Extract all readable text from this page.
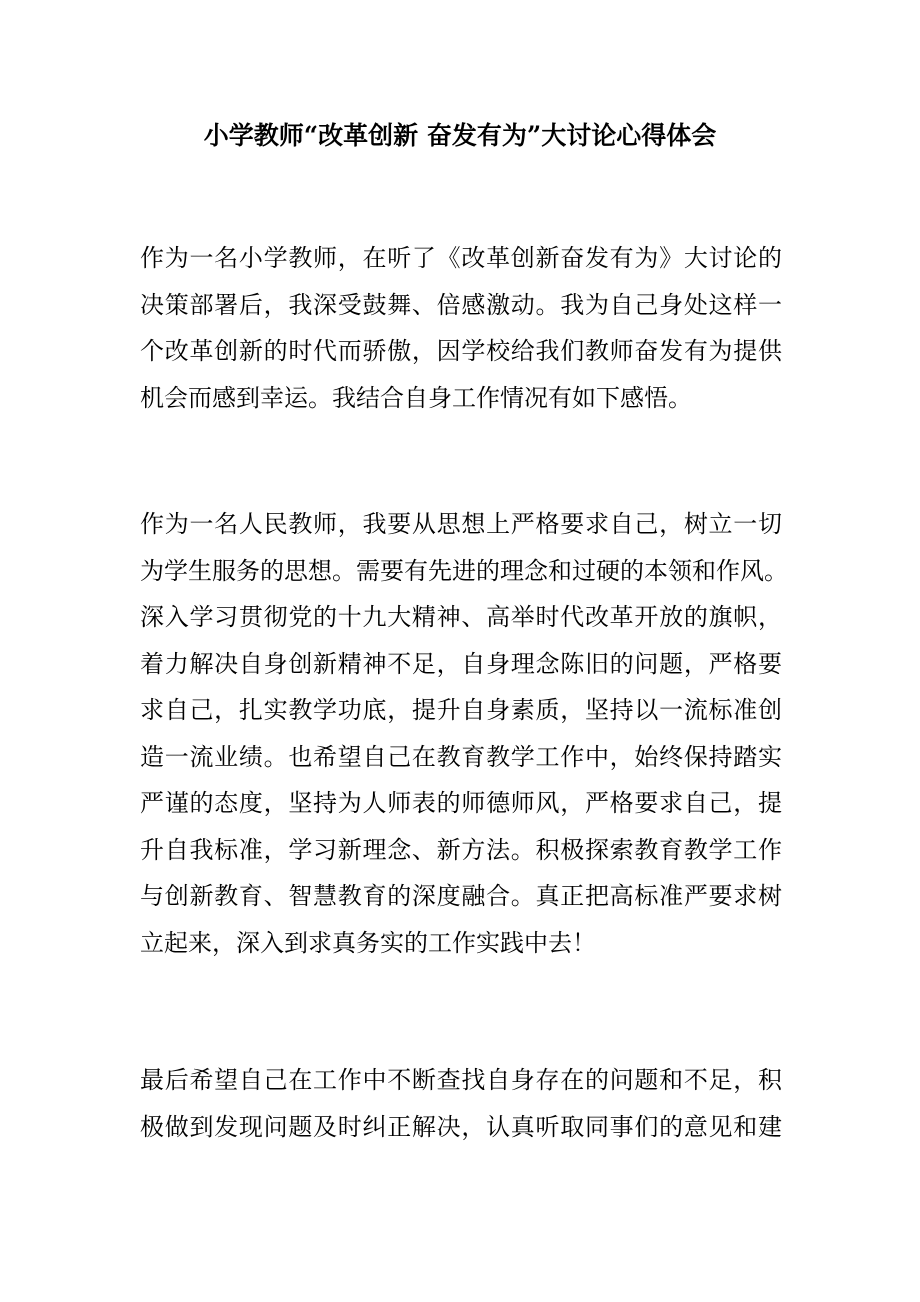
小学教师“改革创新 奋发有为”大讨论心得体会
作为一名小学教师，在听了《改革创新奋发有为》大讨论的
决策部署后，我深受鼓舞、倍感激动。我为自己身处这样一
个改革创新的时代而骄傲，因学校给我们教师奋发有为提供
机会而感到幸运。我结合自身工作情况有如下感悟。
作为一名人民教师，我要从思想上严格要求自己，树立一切
为学生服务的思想。需要有先进的理念和过硬的本领和作风。
深入学习贯彻党的十九大精神、高举时代改革开放的旗帜，
着力解决自身创新精神不足，自身理念陈旧的问题，严格要
求自己，扎实教学功底，提升自身素质，坚持以一流标准创
造一流业绩。也希望自己在教育教学工作中，始终保持踏实
严谨的态度，坚持为人师表的师德师风，严格要求自己，提
升自我标准，学习新理念、新方法。积极探索教育教学工作
与创新教育、智慧教育的深度融合。真正把高标准严要求树
立起来，深入到求真务实的工作实践中去！
最后希望自己在工作中不断查找自身存在的问题和不足，积
极做到发现问题及时纠正解决，认真听取同事们的意见和建
